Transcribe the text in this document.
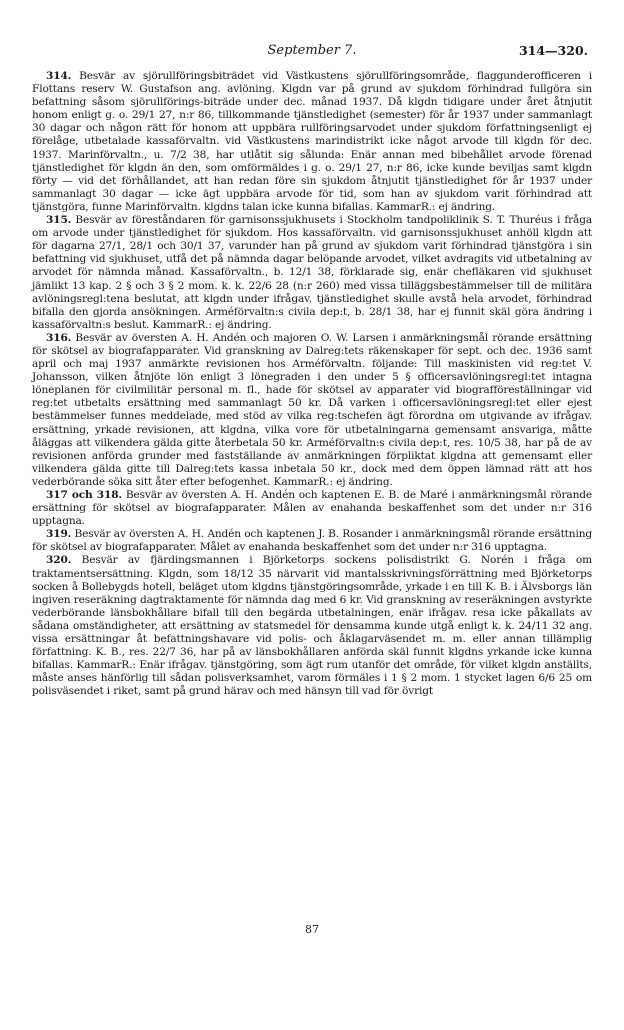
September 7.	314—320.

314. Besvär av sjörullföringsbiträdet vid Västkustens sjörullföringsområde, flaggunderofficeren i Flottans reserv W. Gustafson ang. avlöning. Klgdn var på grund av sjukdom förhindrad fullgöra sin befattning såsom sjörullförings-biträde under dec. månad 1937. Då klgdn tidigare under året åtnjutit honom enligt g. o. 29/1 27, n:r 86, tillkommande tjänstledighet (semester) för år 1937 under sammanlagt 30 dagar och någon rätt för honom att uppbära rullföringsarvodet under sjukdom författningsenligt ej förelåge, utbetalade kassaförvaltn. vid Västkustens marindistrikt icke något arvode till klgdn för dec. 1937. Marinförvaltn., u. 7/2 38, har utlåtit sig sålunda: Enär annan med bibehållet arvode förenad tjänstledighet för klgdn än den, som omförmäldes i g. o. 29/1 27, n:r 86, icke kunde beviljas samt klgdn förty — vid det förhållandet, att han redan före sin sjukdom åtnjutit tjänstledighet för år 1937 under sammanlagt 30 dagar — icke ägt uppbära arvode för tid, som han av sjukdom varit förhindrad att tjänstgöra, funne Marinförvaltn. klgdns talan icke kunna bifallas. KammarR.: ej ändring.

315. Besvär av föreståndaren för garnisonssjukhusets i Stockholm tandpoliklinik S. T. Thuréus i fråga om arvode under tjänstledighet för sjukdom. Hos kassaförvaltn. vid garnisonssjukhuset anhöll klgdn att för dagarna 27/1, 28/1 och 30/1 37, varunder han på grund av sjukdom varit förhindrad tjänstgöra i sin befattning vid sjukhuset, utfå det på nämnda dagar belöpande arvodet, vilket avdragits vid utbetalning av arvodet för nämnda månad. Kassaförvaltn., b. 12/1 38, förklarade sig, enär chefläkaren vid sjukhuset jämlikt 13 kap. 2 § och 3 § 2 mom. k. k. 22/6 28 (n:r 260) med vissa tilläggsbestämmelser till de militära avlöningsregl:tena beslutat, att klgdn under ifrågav. tjänstledighet skulle avstå hela arvodet, förhindrad bifalla den gjorda ansökningen. Arméförvaltn:s civila dep:t, b. 28/1 38, har ej funnit skäl göra ändring i kassaförvaltn:s beslut. KammarR.: ej ändring.

316. Besvär av översten A. H. Andén och majoren O. W. Larsen i anmärkningsmål rörande ersättning för skötsel av biografapparater. Vid granskning av Dalreg:tets räkenskaper för sept. och dec. 1936 samt april och maj 1937 anmärkte revisionen hos Arméförvaltn. följande: Till maskinisten vid reg:tet V. Johansson, vilken åtnjöte lön enligt 3 lönegraden i den under 5 § officersavlöningsregl:tet intagna löneplanen för civilmilitär personal m. fl., hade för skötsel av apparater vid biografföreställningar vid reg:tet utbetalts ersättning med sammanlagt 50 kr. Då varken i officersavlöningsregl:tet eller ejest bestämmelser funnes meddelade, med stöd av vilka reg:tschefen ägt förordna om utgivande av ifrågav. ersättning, yrkade revisionen, att klgdna, vilka vore för utbetalningarna gemensamt ansvariga, måtte åläggas att vilkendera gälda gitte återbetala 50 kr. Arméförvaltn:s civila dep:t, res. 10/5 38, har på de av revisionen anförda grunder med fastställande av anmärkningen förpliktat klgdna att gemensamt eller vilkendera gälda gitte till Dalreg:tets kassa inbetala 50 kr., dock med dem öppen lämnad rätt att hos vederbörande söka sitt åter efter befogenhet. KammarR.: ej ändring.

317 och 318. Besvär av översten A. H. Andén och kaptenen E. B. de Maré i anmärkningsmål rörande ersättning för skötsel av biografapparater. Målen av enahanda beskaffenhet som det under n:r 316 upptagna.

319. Besvär av översten A. H. Andén och kaptenen J. B. Rosander i anmärkningsmål rörande ersättning för skötsel av biografapparater. Målet av enahanda beskaffenhet som det under n:r 316 upptagna.

320. Besvär av fjärdingsmannen i Björketorps sockens polisdistrikt G. Norén i fråga om traktamentsersättning. Klgdn, som 18/12 35 närvarit vid mantalsskrivningsförrättning med Björketorps socken å Bollebygds hotell, beläget utom klgdns tjänstgöringsområde, yrkade i en till K. B. i Älvsborgs län ingiven reseräkning dagtraktamente för nämnda dag med 6 kr. Vid granskning av reseräkningen avstyrkte vederbörande länsbokhållare bifall till den begärda utbetalningen, enär ifrågav. resa icke påkallats av sådana omständigheter, att ersättning av statsmedel för densamma kunde utgå enligt k. k. 24/11 32 ang. vissa ersättningar åt befattningshavare vid polis- och åklagarväsendet m. m. eller annan tillämplig författning. K. B., res. 22/7 36, har på av länsbokhållaren anförda skäl funnit klgdns yrkande icke kunna bifallas. KammarR.: Enär ifrågav. tjänstgöring, som ägt rum utanför det område, för vilket klgdn anställts, måste anses hänförlig till sådan polisverksamhet, varom förmäles i 1 § 2 mom. 1 stycket lagen 6/6 25 om polisväsendet i riket, samt på grund härav och med hänsyn till vad för övrigt

87
